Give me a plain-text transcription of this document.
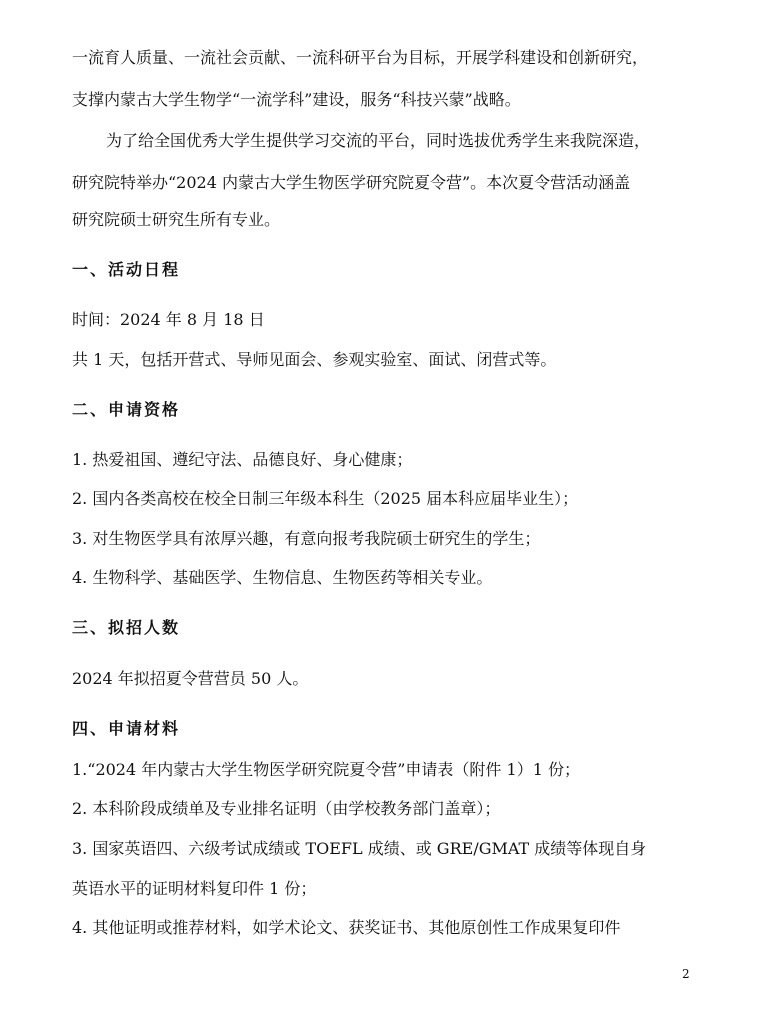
一流育人质量、一流社会贡献、一流科研平台为目标，开展学科建设和创新研究，
支撑内蒙古大学生物学“一流学科”建设，服务“科技兴蒙”战略。
为了给全国优秀大学生提供学习交流的平台，同时选拔优秀学生来我院深造，
研究院特举办“2024 内蒙古大学生物医学研究院夏令营”。本次夏令营活动涵盖
研究院硕士研究生所有专业。
一、活动日程
时间：2024 年 8 月 18 日
共 1 天，包括开营式、导师见面会、参观实验室、面试、闭营式等。
二、申请资格
1. 热爱祖国、遵纪守法、品德良好、身心健康；
2. 国内各类高校在校全日制三年级本科生（2025 届本科应届毕业生）；
3. 对生物医学具有浓厚兴趣，有意向报考我院硕士研究生的学生；
4. 生物科学、基础医学、生物信息、生物医药等相关专业。
三、拟招人数
2024 年拟招夏令营营员 50 人。
四、申请材料
1.“2024 年内蒙古大学生物医学研究院夏令营”申请表（附件 1）1 份；
2. 本科阶段成绩单及专业排名证明（由学校教务部门盖章）；
3. 国家英语四、六级考试成绩或 TOEFL 成绩、或 GRE/GMAT 成绩等体现自身
英语水平的证明材料复印件 1 份；
4. 其他证明或推荐材料，如学术论文、获奖证书、其他原创性工作成果复印件
2
